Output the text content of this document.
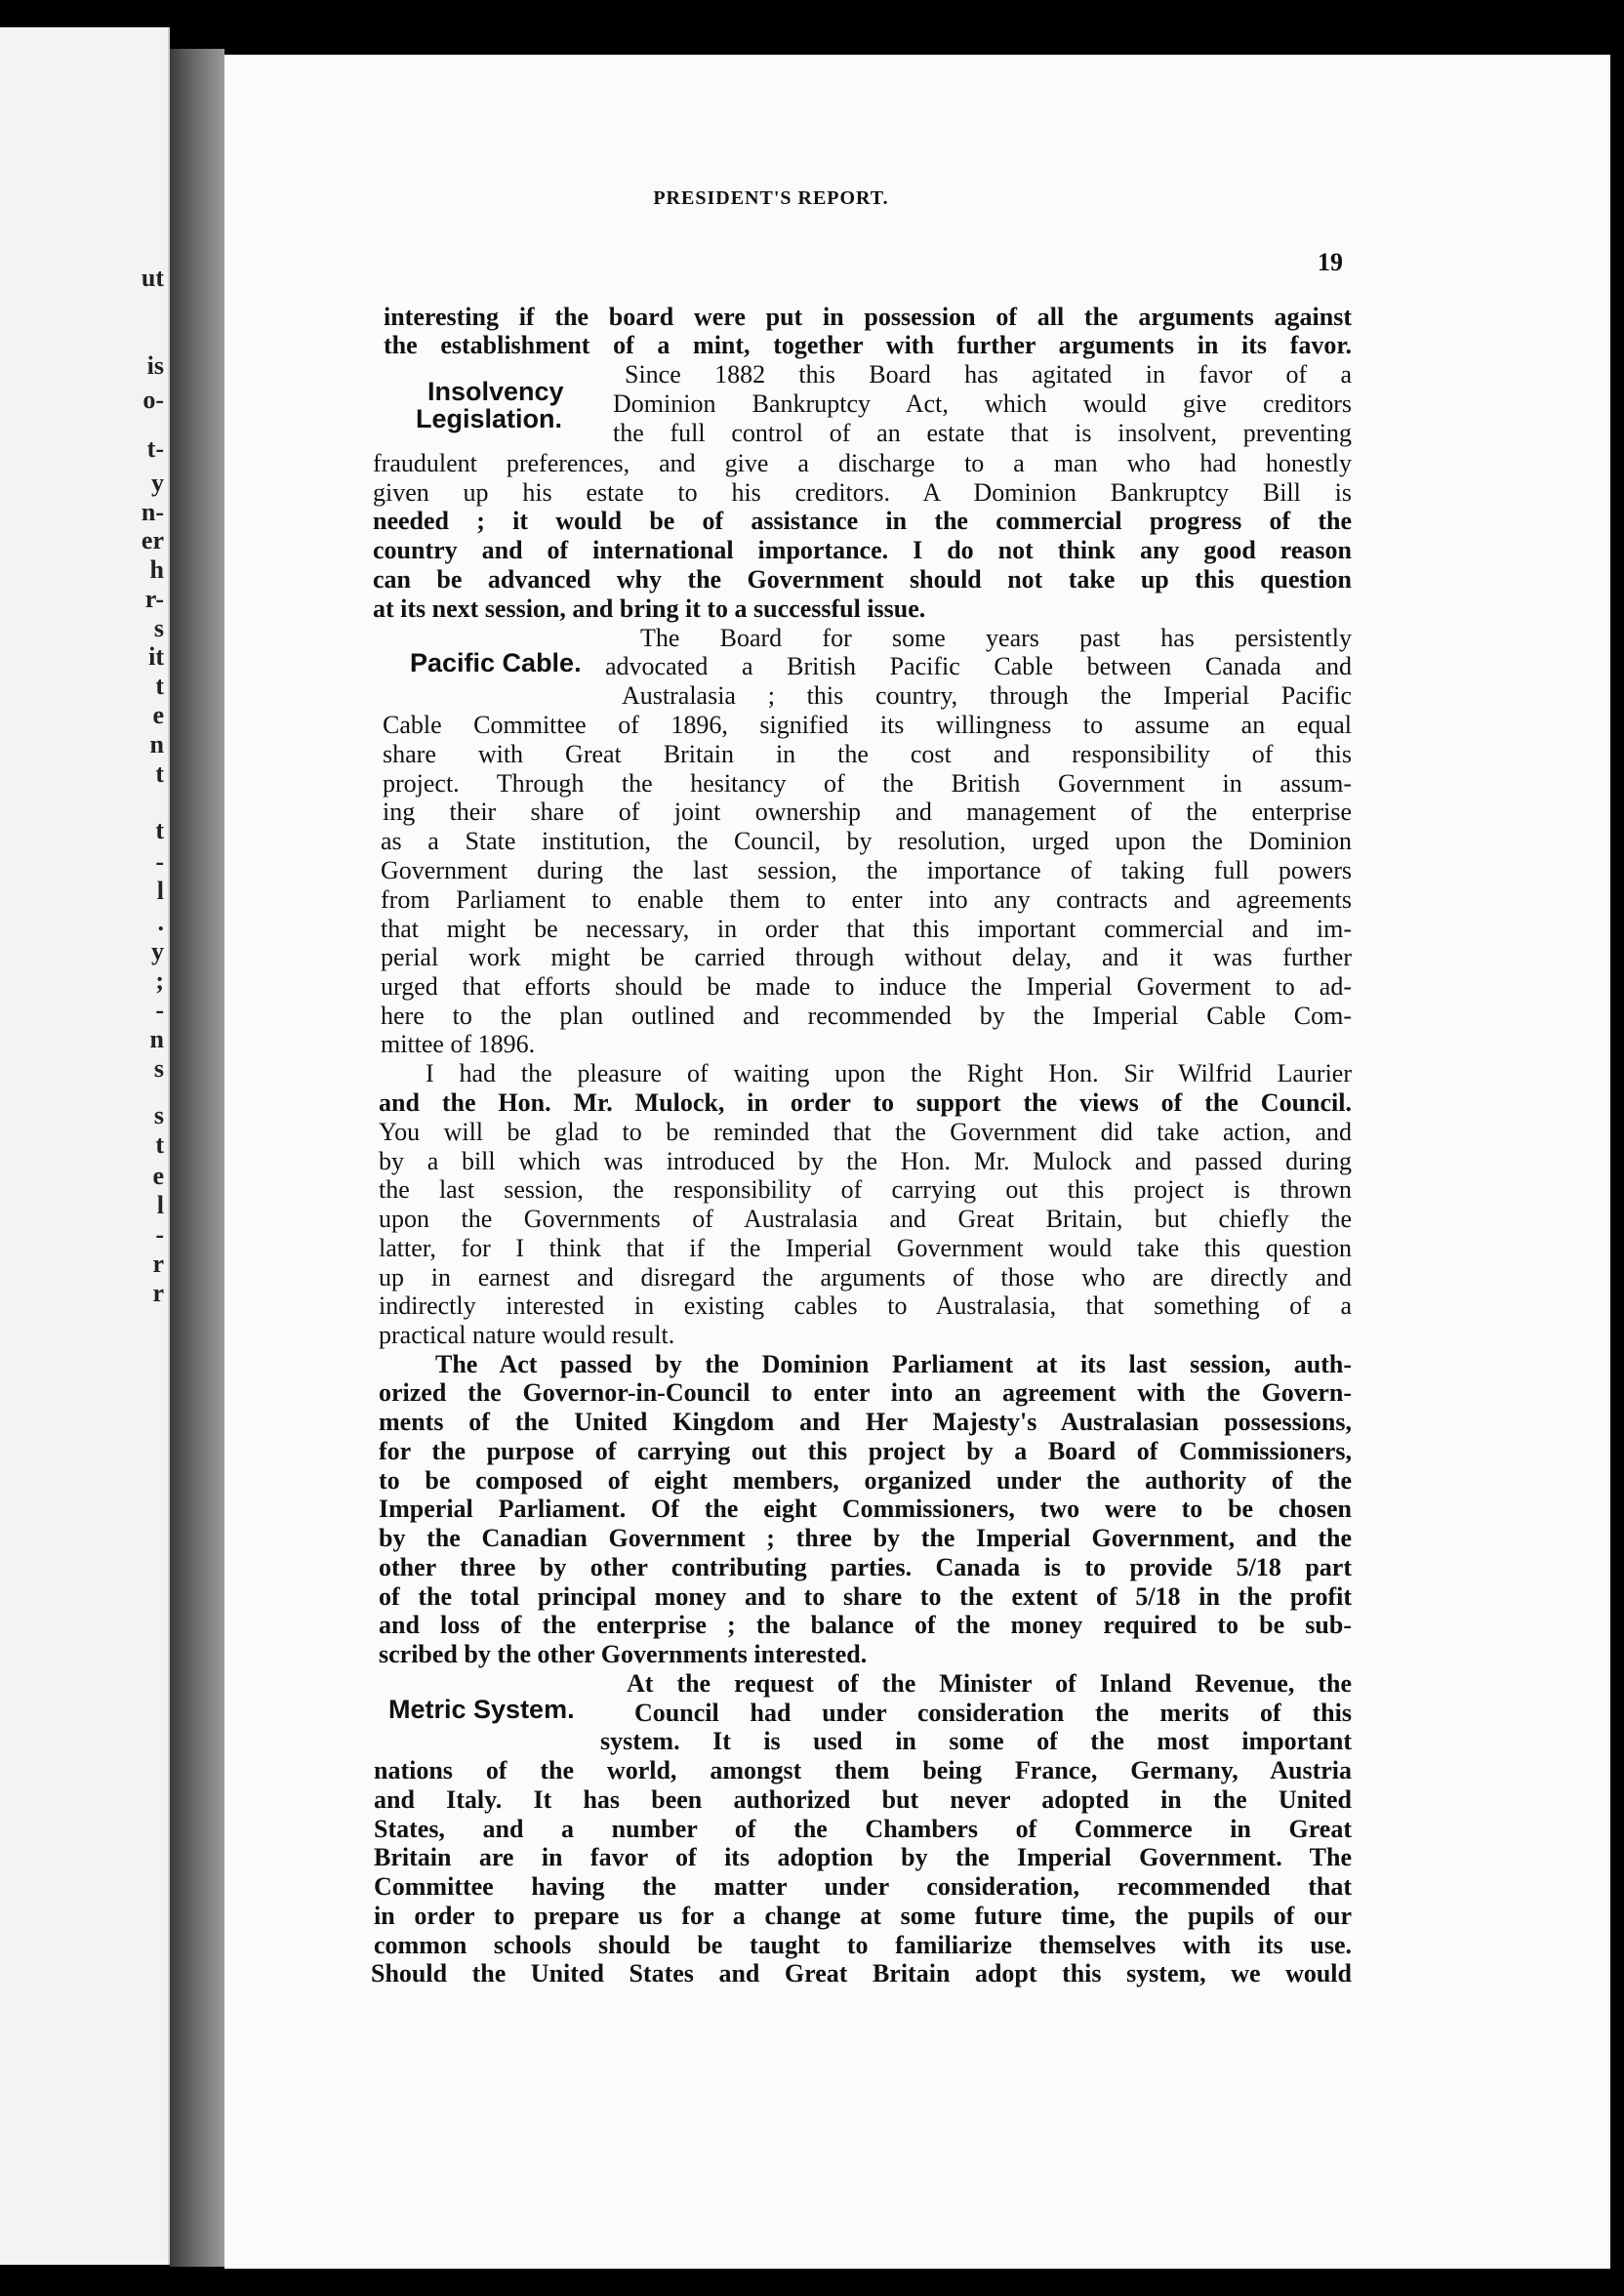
ut
is
o-
t-
y
n-
er
h
r-
s
it
t
e
n
t
t
-
l
.
y
;
-
n
s
s
t
e
l
-
r
r
PRESIDENT'S REPORT.
19
Insolvency
Legislation.
Pacific Cable.
Metric System.
interesting if the board were put in possession of all the arguments against
the establishment of a mint, together with further arguments in its favor.
Since 1882 this Board has agitated in favor of a
Dominion Bankruptcy Act, which would give creditors
the full control of an estate that is insolvent, preventing
fraudulent preferences, and give a discharge to a man who had honestly
given up his estate to his creditors. A Dominion Bankruptcy Bill is
needed ; it would be of assistance in the commercial progress of the
country and of international importance. I do not think any good reason
can be advanced why the Government should not take up this question
at its next session, and bring it to a successful issue.
The Board for some years past has persistently
advocated a British Pacific Cable between Canada and
Australasia ; this country, through the Imperial Pacific
Cable Committee of 1896, signified its willingness to assume an equal
share with Great Britain in the cost and responsibility of this
project. Through the hesitancy of the British Government in assum-
ing their share of joint ownership and management of the enterprise
as a State institution, the Council, by resolution, urged upon the Dominion
Government during the last session, the importance of taking full powers
from Parliament to enable them to enter into any contracts and agreements
that might be necessary, in order that this important commercial and im-
perial work might be carried through without delay, and it was further
urged that efforts should be made to induce the Imperial Goverment to ad-
here to the plan outlined and recommended by the Imperial Cable Com-
mittee of 1896.
I had the pleasure of waiting upon the Right Hon. Sir Wilfrid Laurier
and the Hon. Mr. Mulock, in order to support the views of the Council.
You will be glad to be reminded that the Government did take action, and
by a bill which was introduced by the Hon. Mr. Mulock and passed during
the last session, the responsibility of carrying out this project is thrown
upon the Governments of Australasia and Great Britain, but chiefly the
latter, for I think that if the Imperial Government would take this question
up in earnest and disregard the arguments of those who are directly and
indirectly interested in existing cables to Australasia, that something of a
practical nature would result.
The Act passed by the Dominion Parliament at its last session, auth-
orized the Governor-in-Council to enter into an agreement with the Govern-
ments of the United Kingdom and Her Majesty's Australasian possessions,
for the purpose of carrying out this project by a Board of Commissioners,
to be composed of eight members, organized under the authority of the
Imperial Parliament. Of the eight Commissioners, two were to be chosen
by the Canadian Government ; three by the Imperial Government, and the
other three by other contributing parties. Canada is to provide 5/18 part
of the total principal money and to share to the extent of 5/18 in the profit
and loss of the enterprise ; the balance of the money required to be sub-
scribed by the other Governments interested.
At the request of the Minister of Inland Revenue, the
Council had under consideration the merits of this
system. It is used in some of the most important
nations of the world, amongst them being France, Germany, Austria
and Italy. It has been authorized but never adopted in the United
States, and a number of the Chambers of Commerce in Great
Britain are in favor of its adoption by the Imperial Government. The
Committee having the matter under consideration, recommended that
in order to prepare us for a change at some future time, the pupils of our
common schools should be taught to familiarize themselves with its use.
Should the United States and Great Britain adopt this system, we would
